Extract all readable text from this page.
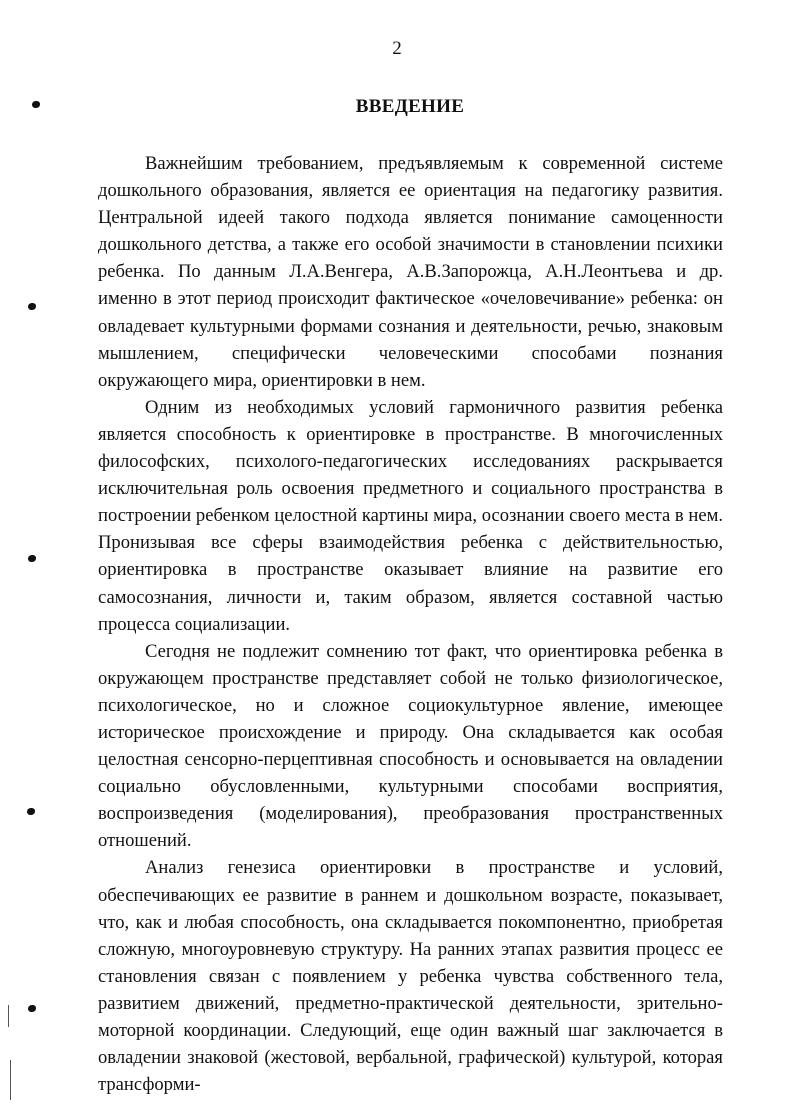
2
ВВЕДЕНИЕ

Важнейшим требованием, предъявляемым к современной системе дошкольного образования, является ее ориентация на педагогику развития. Центральной идеей такого подхода является понимание самоценности дошкольного детства, а также его особой значимости в становлении психики ребенка. По данным Л.А.Венгера, А.В.Запорожца, А.Н.Леонтьева и др. именно в этот период происходит фактическое «очеловечивание» ребенка: он овладевает культурными формами сознания и деятельности, речью, знаковым мышлением, специфически человеческими способами познания окружающего мира, ориентировки в нем.

Одним из необходимых условий гармоничного развития ребенка является способность к ориентировке в пространстве. В многочисленных философских, психолого-педагогических исследованиях раскрывается исключительная роль освоения предметного и социального пространства в построении ребенком целостной картины мира, осознании своего места в нем. Пронизывая все сферы взаимодействия ребенка с действительностью, ориентировка в пространстве оказывает влияние на развитие его самосознания, личности и, таким образом, является составной частью процесса социализации.

Сегодня не подлежит сомнению тот факт, что ориентировка ребенка в окружающем пространстве представляет собой не только физиологическое, психологическое, но и сложное социокультурное явление, имеющее историческое происхождение и природу. Она складывается как особая целостная сенсорно-перцептивная способность и основывается на овладении социально обусловленными, культурными способами восприятия, воспроизведения (моделирования), преобразования пространственных отношений.

Анализ генезиса ориентировки в пространстве и условий, обеспечивающих ее развитие в раннем и дошкольном возрасте, показывает, что, как и любая способность, она складывается покомпонентно, приобретая сложную, многоуровневую структуру. На ранних этапах развития процесс ее становления связан с появлением у ребенка чувства собственного тела, развитием движений, предметно-практической деятельности, зрительно-моторной координации. Следующий, еще один важный шаг заключается в овладении знаковой (жестовой, вербальной, графической) культурой, которая трансформи-
